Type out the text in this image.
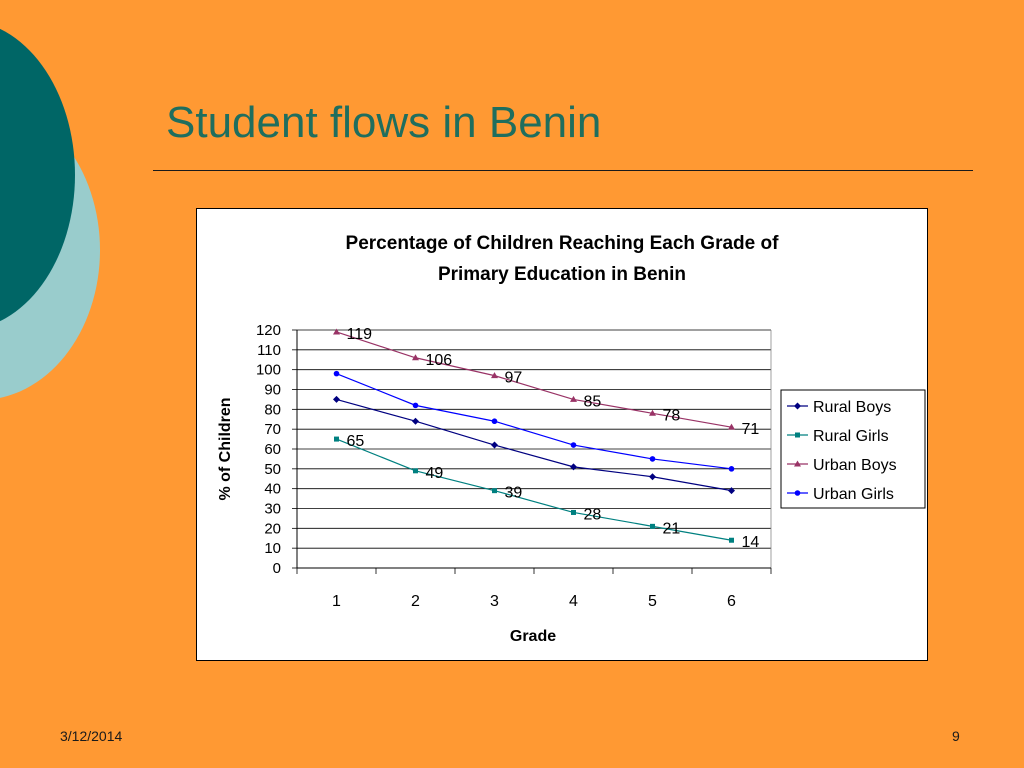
Student flows in Benin
Percentage of Children Reaching Each Grade of
Primary Education in Benin
0
10
20
30
40
50
60
70
80
90
100
110
120
1	2	3	4	5	6
Grade
% of Children	65
49
39
28
21
14
119
106
97
85
78
71
Rural Boys
Rural Girls
Urban Boys
Urban Girls
3/12/2014	9
